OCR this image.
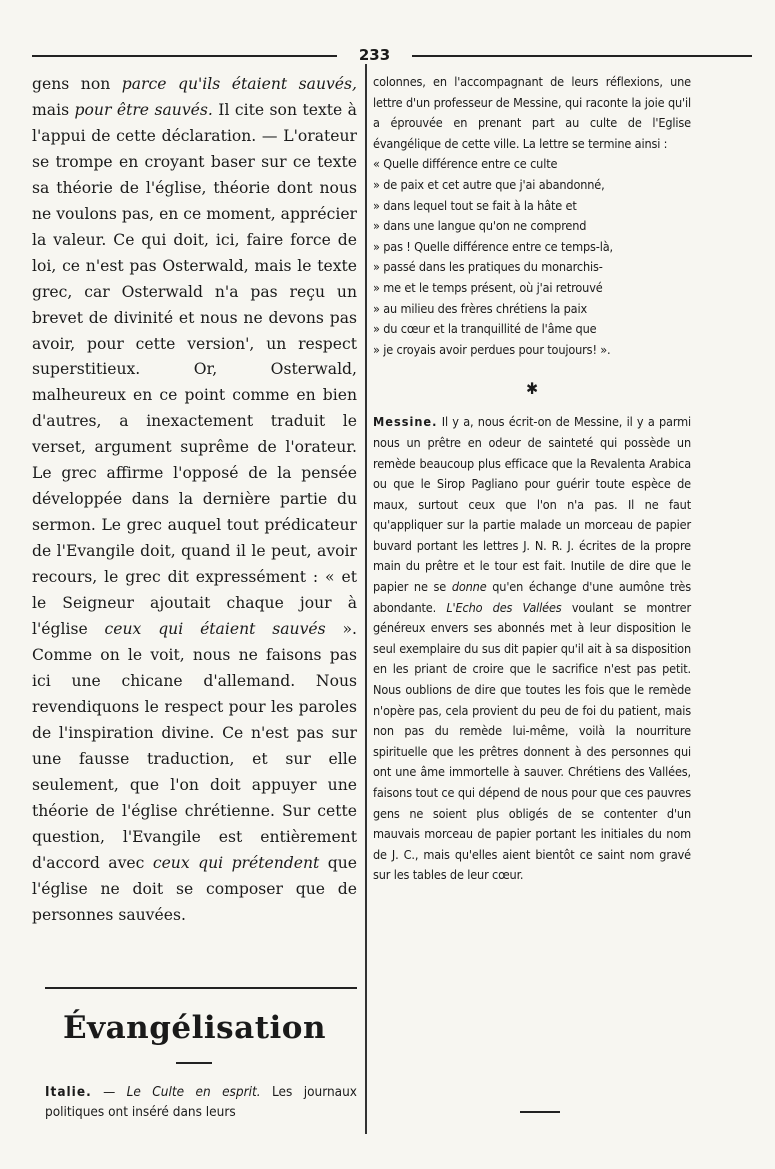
233

gens non parce qu'ils étaient sauvés, mais pour être sauvés. Il cite son texte à l'appui de cette déclaration. — L'orateur se trompe en croyant baser sur ce texte sa théorie de l'église, théorie dont nous ne voulons pas, en ce moment, apprécier la valeur. Ce qui doit, ici, faire force de loi, ce n'est pas Osterwald, mais le texte grec, car Osterwald n'a pas reçu un brevet de divinité et nous ne devons pas avoir, pour cette version', un respect superstitieux. Or, Osterwald, malheureux en ce point comme en bien d'autres, a inexactement traduit le verset, argument suprême de l'orateur. Le grec affirme l'opposé de la pensée développée dans la dernière partie du sermon. Le grec auquel tout prédicateur de l'Evangile doit, quand il le peut, avoir recours, le grec dit expressément : « et le Seigneur ajoutait chaque jour à l'église ceux qui étaient sauvés ». Comme on le voit, nous ne faisons pas ici une chicane d'allemand. Nous revendiquons le respect pour les paroles de l'inspiration divine. Ce n'est pas sur une fausse traduction, et sur elle seulement, que l'on doit appuyer une théorie de l'église chrétienne. Sur cette question, l'Evangile est entièrement d'accord avec ceux qui prétendent que l'église ne doit se composer que de personnes sauvées.

Évangélisation
Italie. — Le Culte en esprit. Les journaux politiques ont inséré dans leurs

colonnes, en l'accompagnant de leurs réflexions, une lettre d'un professeur de Messine, qui raconte la joie qu'il a éprouvée en prenant part au culte de l'Eglise évangélique de cette ville. La lettre se termine ainsi :

« Quelle différence entre ce culte

» de paix et cet autre que j'ai abandonné,

» dans lequel tout se fait à la hâte et

» dans une langue qu'on ne comprend

» pas ! Quelle différence entre ce temps-là,

» passé dans les pratiques du monarchis-

» me et le temps présent, où j'ai retrouvé

» au milieu des frères chrétiens la paix

» du cœur et la tranquillité de l'âme que

» je croyais avoir perdues pour toujours! ».

✱

Messine. Il y a, nous écrit-on de Messine, il y a parmi nous un prêtre en odeur de sainteté qui possède un remède beaucoup plus efficace que la Revalenta Arabica ou que le Sirop Pagliano pour guérir toute espèce de maux, surtout ceux que l'on n'a pas. Il ne faut qu'appliquer sur la partie malade un morceau de papier buvard portant les lettres J. N. R. J. écrites de la propre main du prêtre et le tour est fait. Inutile de dire que le papier ne se donne qu'en échange d'une aumône très abondante. L'Echo des Vallées voulant se montrer généreux envers ses abonnés met à leur disposition le seul exemplaire du sus dit papier qu'il ait à sa disposition en les priant de croire que le sacrifice n'est pas petit. Nous oublions de dire que toutes les fois que le remède n'opère pas, cela provient du peu de foi du patient, mais non pas du remède lui-même, voilà la nourriture spirituelle que les prêtres donnent à des personnes qui ont une âme immortelle à sauver. Chrétiens des Vallées, faisons tout ce qui dépend de nous pour que ces pauvres gens ne soient plus obligés de se contenter d'un mauvais morceau de papier portant les initiales du nom de J. C., mais qu'elles aient bientôt ce saint nom gravé sur les tables de leur cœur.
